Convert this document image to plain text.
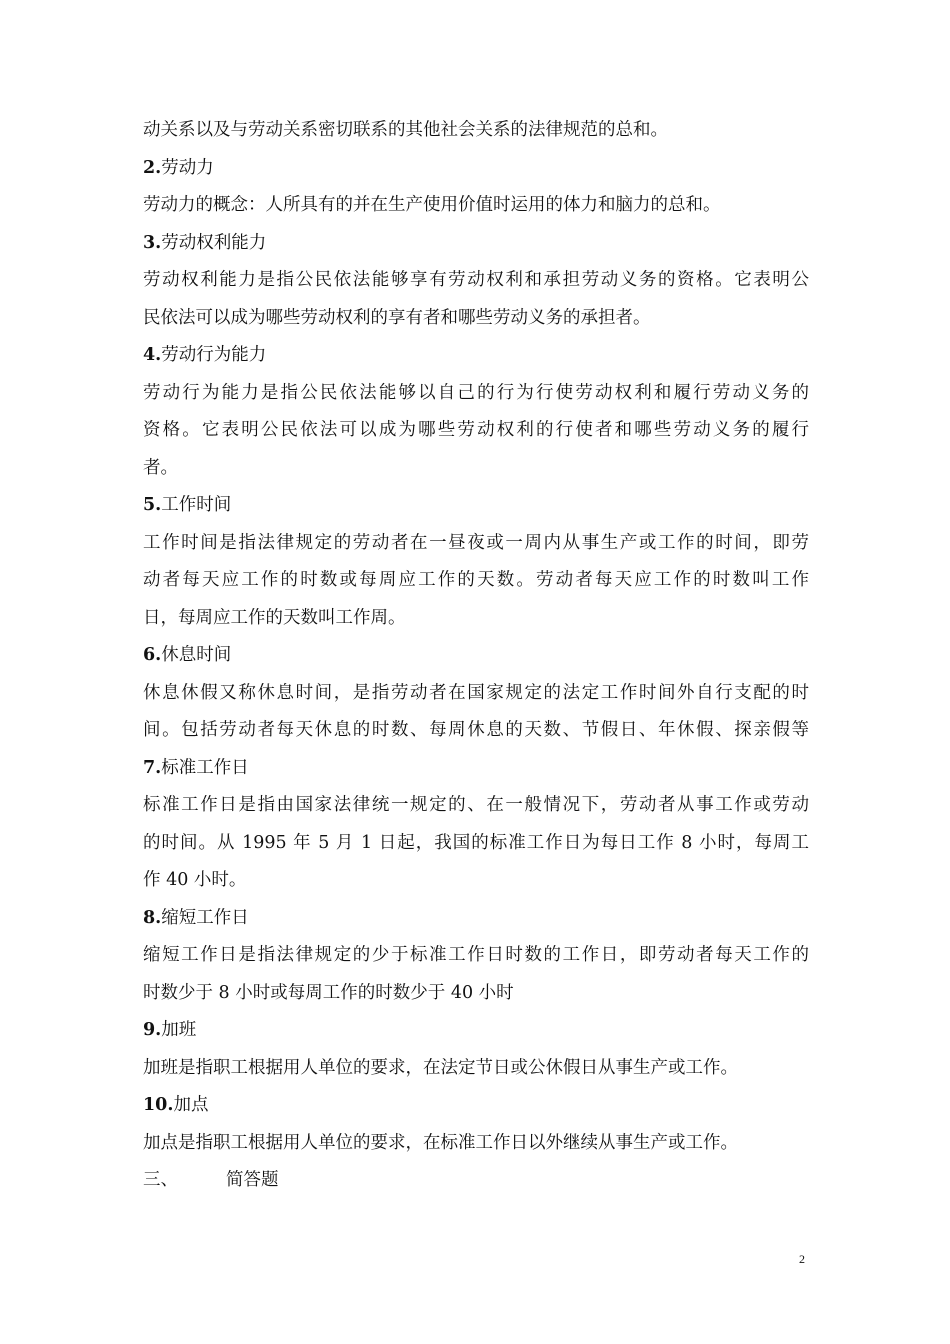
动关系以及与劳动关系密切联系的其他社会关系的法律规范的总和。
2.劳动力
劳动力的概念：人所具有的并在生产使用价值时运用的体力和脑力的总和。
3.劳动权利能力
劳动权利能力是指公民依法能够享有劳动权利和承担劳动义务的资格。它表明公
民依法可以成为哪些劳动权利的享有者和哪些劳动义务的承担者。
4.劳动行为能力
劳动行为能力是指公民依法能够以自己的行为行使劳动权利和履行劳动义务的
资格。它表明公民依法可以成为哪些劳动权利的行使者和哪些劳动义务的履行
者。
5.工作时间
工作时间是指法律规定的劳动者在一昼夜或一周内从事生产或工作的时间，即劳
动者每天应工作的时数或每周应工作的天数。劳动者每天应工作的时数叫工作
日，每周应工作的天数叫工作周。
6.休息时间
休息休假又称休息时间，是指劳动者在国家规定的法定工作时间外自行支配的时
间。包括劳动者每天休息的时数、每周休息的天数、节假日、年休假、探亲假等
7.标准工作日
标准工作日是指由国家法律统一规定的、在一般情况下，劳动者从事工作或劳动
的时间。从 1995 年 5 月 1 日起，我国的标准工作日为每日工作 8 小时，每周工
作 40 小时。
8.缩短工作日
缩短工作日是指法律规定的少于标准工作日时数的工作日，即劳动者每天工作的
时数少于 8 小时或每周工作的时数少于 40 小时
9.加班
加班是指职工根据用人单位的要求，在法定节日或公休假日从事生产或工作。
10.加点
加点是指职工根据用人单位的要求，在标准工作日以外继续从事生产或工作。
三、	简答题
2
